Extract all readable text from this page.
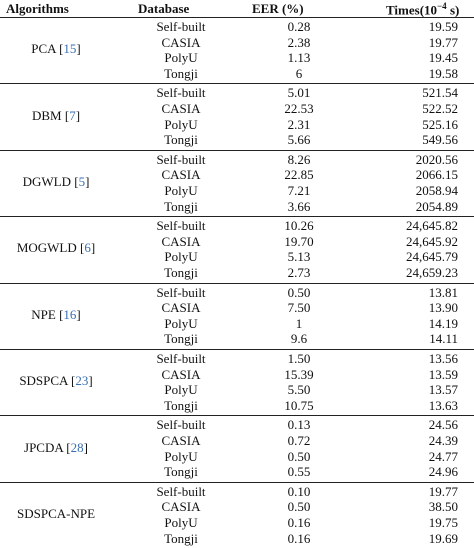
Algorithms	Database	EER (%)	$Times(10^{-4}$ s)
PCA [15]
Self-built	0.28	19.59
CASIA	2.38	19.77
PolyU	1.13	19.45
Tongji	6	19.58
DBM [7]
Self-built	5.01	521.54
CASIA	22.53	522.52
PolyU	2.31	525.16
Tongji	5.66	549.56
DGWLD [5]
Self-built	8.26	2020.56
CASIA	22.85	2066.15
PolyU	7.21	2058.94
Tongji	3.66	2054.89
MOGWLD [6]
Self-built	10.26	24,645.82
CASIA	19.70	24,645.92
PolyU	5.13	24,645.79
Tongji	2.73	24,659.23
NPE [16]
Self-built	0.50	13.81
CASIA	7.50	13.90
PolyU	1	14.19
Tongji	9.6	14.11
SDSPCA [23]
Self-built	1.50	13.56
CASIA	15.39	13.59
PolyU	5.50	13.57
Tongji	10.75	13.63
JPCDA [28]
Self-built	0.13	24.56
CASIA	0.72	24.39
PolyU	0.50	24.77
Tongji	0.55	24.96
SDSPCA-NPE
Self-built	0.10	19.77
CASIA	0.50	38.50
PolyU	0.16	19.75
Tongji	0.16	19.69
